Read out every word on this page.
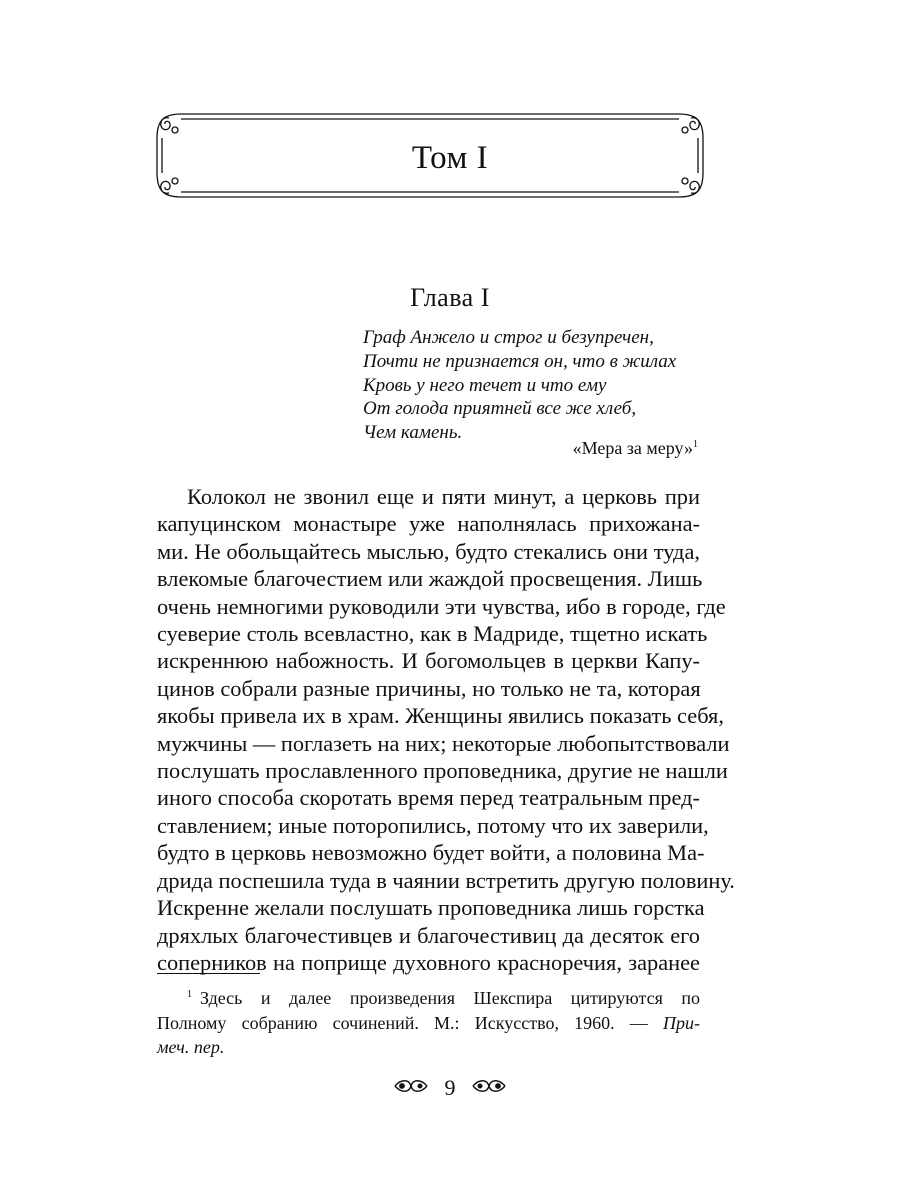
Том I
Глава I
Граф Анжело и строг и безупречен,
Почти не признается он, что в жилах
Кровь у него течет и что ему
От голода приятней все же хлеб,
Чем камень.
«Мера за меру»$^1$
Колокол не звонил еще и пяти минут, а церковь при
капуцинском монастыре уже наполнялась прихожана-
ми. Не обольщайтесь мыслью, будто стекались они туда,
влекомые благочестием или жаждой просвещения. Лишь
очень немногими руководили эти чувства, ибо в городе, где
суеверие столь всевластно, как в Мадриде, тщетно искать
искреннюю набожность. И богомольцев в церкви Капу-
цинов собрали разные причины, но только не та, которая
якобы привела их в храм. Женщины явились показать себя,
мужчины — поглазеть на них; некоторые любопытствовали
послушать прославленного проповедника, другие не нашли
иного способа скоротать время перед театральным пред-
ставлением; иные поторопились, потому что их заверили,
будто в церковь невозможно будет войти, а половина Ма-
дрида поспешила туда в чаянии встретить другую половину.
Искренне желали послушать проповедника лишь горстка
дряхлых благочестивцев и благочестивиц да десяток его
соперников на поприще духовного красноречия, заранее
$^1$ Здесь и далее произведения Шекспира цитируются по
Полному собранию сочинений. М.: Искусство, 1960. — При-
меч. пер.
9
